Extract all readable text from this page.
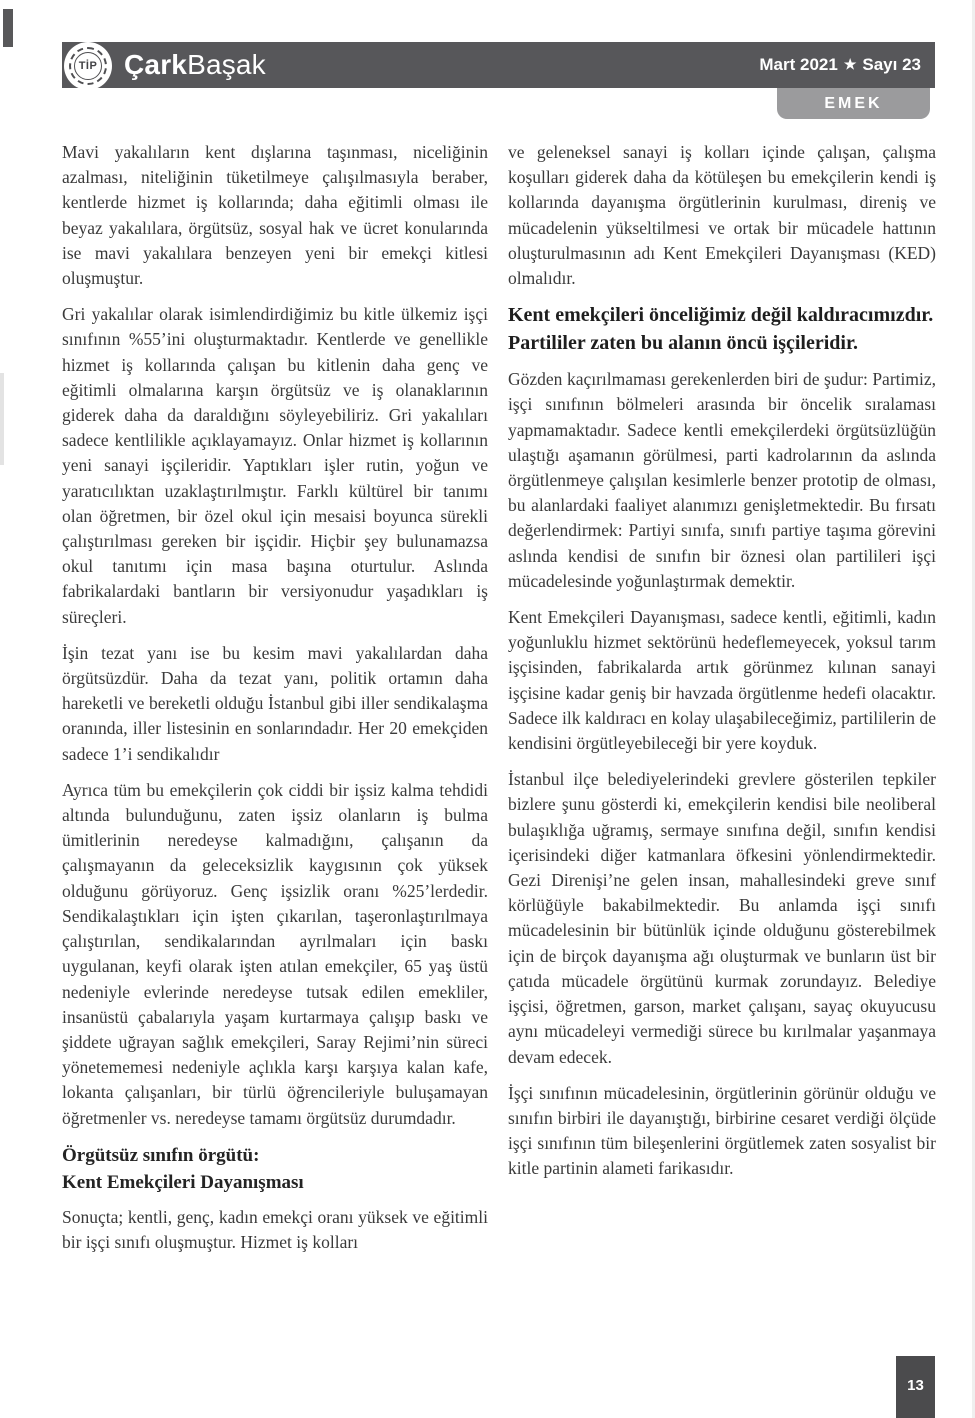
TİP Çark Başak	Mart 2021 ★ Sayı 23
EMEK

Mavi yakalıların kent dışlarına taşınması, niceliğinin azalması, niteliğinin tüketilmeye çalışılmasıyla beraber, kentlerde hizmet iş kollarında; daha eğitimli olması ile beyaz yakalılara, örgütsüz, sosyal hak ve ücret konularında ise mavi yakalılara benzeyen yeni bir emekçi kitlesi oluşmuştur.

Gri yakalılar olarak isimlendirdiğimiz bu kitle ülkemiz işçi sınıfının %55’ini oluşturmaktadır. Kentlerde ve genellikle hizmet iş kollarında çalışan bu kitlenin daha genç ve eğitimli olmalarına karşın örgütsüz ve iş olanaklarının giderek daha da daraldığını söyleyebiliriz. Gri yakalıları sadece kentlilikle açıklayamayız. Onlar hizmet iş kollarının yeni sanayi işçileridir. Yaptıkları işler rutin, yoğun ve yaratıcılıktan uzaklaştırılmıştır. Farklı kültürel bir tanımı olan öğretmen, bir özel okul için mesaisi boyunca sürekli çalıştırılması gereken bir işçidir. Hiçbir şey bulunamazsa okul tanıtımı için masa başına oturtulur. Aslında fabrikalardaki bantların bir versiyonudur yaşadıkları iş süreçleri.

İşin tezat yanı ise bu kesim mavi yakalılardan daha örgütsüzdür. Daha da tezat yanı, politik ortamın daha hareketli ve bereketli olduğu İstanbul gibi iller sendikalaşma oranında, iller listesinin en sonlarındadır. Her 20 emekçiden sadece 1’i sendikalıdır

Ayrıca tüm bu emekçilerin çok ciddi bir işsiz kalma tehdidi altında bulunduğunu, zaten işsiz olanların iş bulma ümitlerinin neredeyse kalmadığını, çalışanın da çalışmayanın da geleceksizlik kaygısının çok yüksek olduğunu görüyoruz. Genç işsizlik oranı %25’lerdedir. Sendikalaştıkları için işten çıkarılan, taşeronlaştırılmaya çalıştırılan, sendikalarından ayrılmaları için baskı uygulanan, keyfi olarak işten atılan emekçiler, 65 yaş üstü nedeniyle evlerinde neredeyse tutsak edilen emekliler, insanüstü çabalarıyla yaşam kurtarmaya çalışıp baskı ve şiddete uğrayan sağlık emekçileri, Saray Rejimi’nin süreci yönetememesi nedeniyle açlıkla karşı karşıya kalan kafe, lokanta çalışanları, bir türlü öğrencileriyle buluşamayan öğretmenler vs. neredeyse tamamı örgütsüz durumdadır.

Örgütsüz sınıfın örgütü:
Kent Emekçileri Dayanışması

Sonuçta; kentli, genç, kadın emekçi oranı yüksek ve eğitimli bir işçi sınıfı oluşmuştur. Hizmet iş kolları

ve geleneksel sanayi iş kolları içinde çalışan, çalışma koşulları giderek daha da kötüleşen bu emekçilerin kendi iş kollarında dayanışma örgütlerinin kurulması, direniş ve mücadelenin yükseltilmesi ve ortak bir mücadele hattının oluşturulmasının adı Kent Emekçileri Dayanışması (KED) olmalıdır.

Kent emekçileri önceliğimiz değil kaldıracımızdır. Partililer zaten bu alanın öncü işçileridir.

Gözden kaçırılmaması gerekenlerden biri de şudur: Partimiz, işçi sınıfının bölmeleri arasında bir öncelik sıralaması yapmamaktadır. Sadece kentli emekçilerdeki örgütsüzlüğün ulaştığı aşamanın görülmesi, parti kadrolarının da aslında örgütlenmeye çalışılan kesimlerle benzer prototip de olması, bu alanlardaki faaliyet alanımızı genişletmektedir. Bu fırsatı değerlendirmek: Partiyi sınıfa, sınıfı partiye taşıma görevini aslında kendisi de sınıfın bir öznesi olan partilileri işçi mücadelesinde yoğunlaştırmak demektir.

Kent Emekçileri Dayanışması, sadece kentli, eğitimli, kadın yoğunluklu hizmet sektörünü hedeflemeyecek, yoksul tarım işçisinden, fabrikalarda artık görünmez kılınan sanayi işçisine kadar geniş bir havzada örgütlenme hedefi olacaktır. Sadece ilk kaldıracı en kolay ulaşabileceğimiz, partililerin de kendisini örgütleyebileceği bir yere koyduk.

İstanbul ilçe belediyelerindeki grevlere gösterilen tepkiler bizlere şunu gösterdi ki, emekçilerin kendisi bile neoliberal bulaşıklığa uğramış, sermaye sınıfına değil, sınıfın kendisi içerisindeki diğer katmanlara öfkesini yönlendirmektedir. Gezi Direnişi’ne gelen insan, mahallesindeki greve sınıf körlüğüyle bakabilmektedir. Bu anlamda işçi sınıfı mücadelesinin bir bütünlük içinde olduğunu gösterebilmek için de birçok dayanışma ağı oluşturmak ve bunların üst bir çatıda mücadele örgütünü kurmak zorundayız. Belediye işçisi, öğretmen, garson, market çalışanı, sayaç okuyucusu aynı mücadeleyi vermediği sürece bu kırılmalar yaşanmaya devam edecek.

İşçi sınıfının mücadelesinin, örgütlerinin görünür olduğu ve sınıfın birbiri ile dayanıştığı, birbirine cesaret verdiği ölçüde işçi sınıfının tüm bileşenlerini örgütlemek zaten sosyalist bir kitle partinin alameti farikasıdır.

13
